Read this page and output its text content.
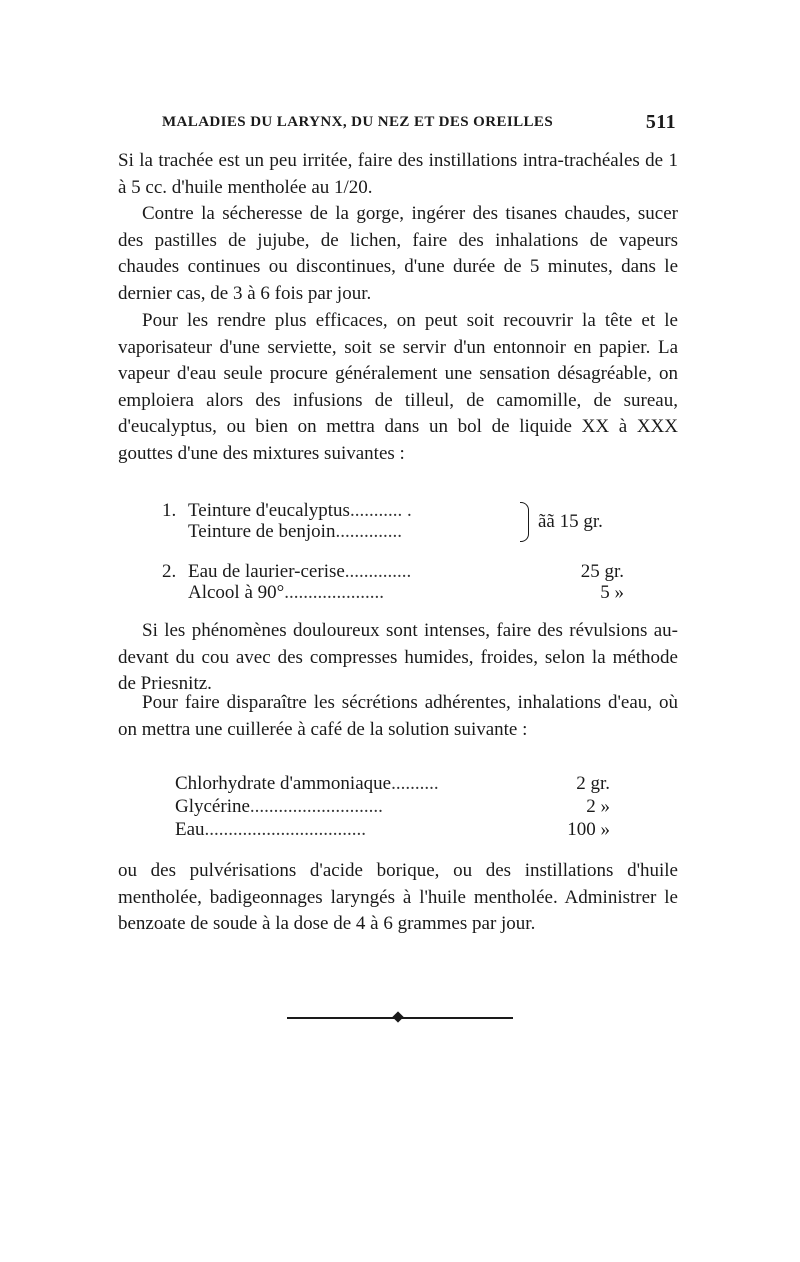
MALADIES DU LARYNX, DU NEZ ET DES OREILLES	511

Si la trachée est un peu irritée, faire des instillations intra-trachéales de 1 à 5 cc. d'huile mentholée au 1/20.

Contre la sécheresse de la gorge, ingérer des tisanes chaudes, sucer des pastilles de jujube, de lichen, faire des inhalations de vapeurs chaudes continues ou discontinues, d'une durée de 5 minutes, dans le dernier cas, de 3 à 6 fois par jour.

Pour les rendre plus efficaces, on peut soit recouvrir la tête et le vaporisateur d'une serviette, soit se servir d'un entonnoir en papier. La vapeur d'eau seule procure généralement une sensation désagréable, on emploiera alors des infusions de tilleul, de camomille, de sureau, d'eucalyptus, ou bien on mettra dans un bol de liquide XX à XXX gouttes d'une des mixtures suivantes :

1. Teinture d'eucalyptus........... .
Teinture de benjoin..............	ãã 15 gr.
2. Eau de laurier-cerise..............	25 gr.
Alcool à 90°.....................	5 »

Si les phénomènes douloureux sont intenses, faire des révulsions au-devant du cou avec des compresses humides, froides, selon la méthode de Priesnitz.

Pour faire disparaître les sécrétions adhérentes, inhalations d'eau, où on mettra une cuillerée à café de la solution suivante :

Chlorhydrate d'ammoniaque..........	2 gr.
Glycérine............................	2 »
Eau..................................	100 »

ou des pulvérisations d'acide borique, ou des instillations d'huile mentholée, badigeonnages laryngés à l'huile mentholée. Administrer le benzoate de soude à la dose de 4 à 6 grammes par jour.
